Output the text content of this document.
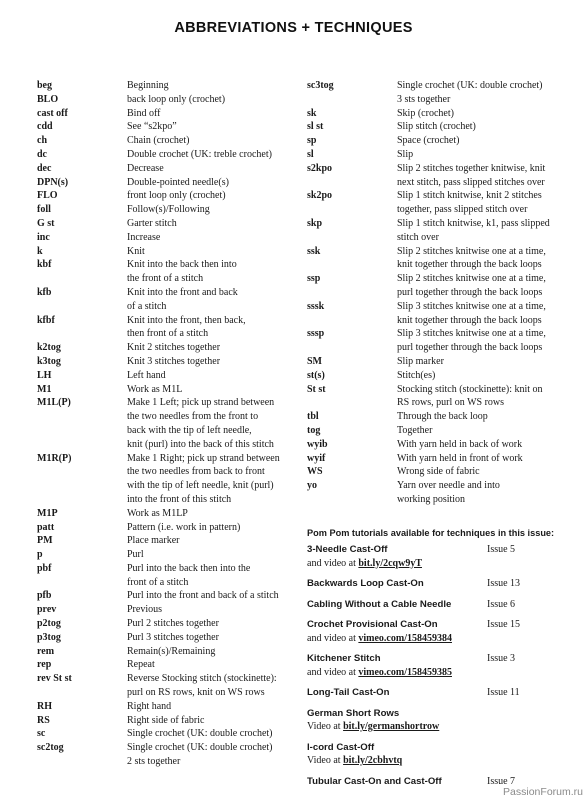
ABBREVIATIONS + TECHNIQUES
beg	Beginning
BLO	back loop only (crochet)
cast off	Bind off
cdd	See “s2kpo”
ch	Chain (crochet)
dc	Double crochet (UK: treble crochet)
dec	Decrease
DPN(s)	Double-pointed needle(s)
FLO	front loop only (crochet)
foll	Follow(s)/Following
G st	Garter stitch
inc	Increase
k	Knit
kbf	Knit into the back then into
the front of a stitch
kfb	Knit into the front and back
of a stitch
kfbf	Knit into the front, then back,
then front of a stitch
k2tog	Knit 2 stitches together
k3tog	Knit 3 stitches together
LH	Left hand
M1	Work as M1L
M1L(P)	Make 1 Left; pick up strand between
the two needles from the front to
back with the tip of left needle,
knit (purl) into the back of this stitch
M1R(P)	Make 1 Right; pick up strand between
the two needles from back to front
with the tip of left needle, knit (purl)
into the front of this stitch
M1P	Work as M1LP
patt	Pattern (i.e. work in pattern)
PM	Place marker
p	Purl
pbf	Purl into the back then into the
front of a stitch
pfb	Purl into the front and back of a stitch
prev	Previous
p2tog	Purl 2 stitches together
p3tog	Purl 3 stitches together
rem	Remain(s)/Remaining
rep	Repeat
rev St st	Reverse Stocking stitch (stockinette):
purl on RS rows, knit on WS rows
RH	Right hand
RS	Right side of fabric
sc	Single crochet (UK: double crochet)
sc2tog	Single crochet (UK: double crochet)
2 sts together
sc3tog	Single crochet (UK: double crochet)
3 sts together
sk	Skip (crochet)
sl st	Slip stitch (crochet)
sp	Space (crochet)
sl	Slip
s2kpo	Slip 2 stitches together knitwise, knit
next stitch, pass slipped stitches over
sk2po	Slip 1 stitch knitwise, knit 2 stitches
together, pass slipped stitch over
skp	Slip 1 stitch knitwise, k1, pass slipped
stitch over
ssk	Slip 2 stitches knitwise one at a time,
knit together through the back loops
ssp	Slip 2 stitches knitwise one at a time,
purl together through the back loops
sssk	Slip 3 stitches knitwise one at a time,
knit together through the back loops
sssp	Slip 3 stitches knitwise one at a time,
purl together through the back loops
SM	Slip marker
st(s)	Stitch(es)
St st	Stocking stitch (stockinette): knit on
RS rows, purl on WS rows
tbl	Through the back loop
tog	Together
wyib	With yarn held in back of work
wyif	With yarn held in front of work
WS	Wrong side of fabric
yo	Yarn over needle and into
working position
Pom Pom tutorials available for techniques in this issue:
3-Needle Cast-Off	Issue 5
and video at bit.ly/2cqw9yT
Backwards Loop Cast-On	Issue 13
Cabling Without a Cable Needle	Issue 6
Crochet Provisional Cast-On	Issue 15
and video at vimeo.com/158459384
Kitchener Stitch	Issue 3
and video at vimeo.com/158459385
Long-Tail Cast-On	Issue 11
German Short Rows
Video at bit.ly/germanshortrow
I-cord Cast-Off
Video at bit.ly/2cbhvtq
Tubular Cast-On and Cast-Off	Issue 7
PassionForum.ru
